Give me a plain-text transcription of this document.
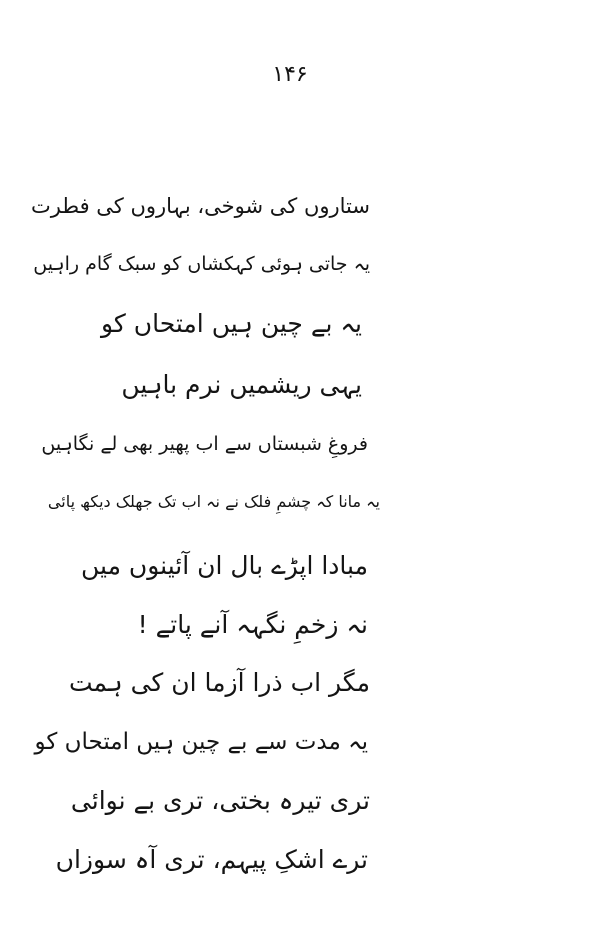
۱۴۶
ستاروں کی شوخی، بہاروں کی فطرت
یہ جاتی ہوئی کہکشاں کو سبک گام راہیں
یہ بے چین ہیں امتحاں کو
یہی ریشمیں نرم باہیں
فروغِ شبستاں سے اب پھیر بھی لے نگاہیں
یہ مانا کہ چشمِ فلک نے نہ اب تک جھلک دیکھ پائی
مبادا اپڑے بال ان آئینوں میں
نہ زخمِ نگہہ آنے پاتے !
مگر اب ذرا آزما ان کی ہمت
یہ مدت سے بے چین ہیں امتحاں کو
تری تیرہ بختی، تری بے نوائی
ترے اشکِ پیہم، تری آہ سوزاں
